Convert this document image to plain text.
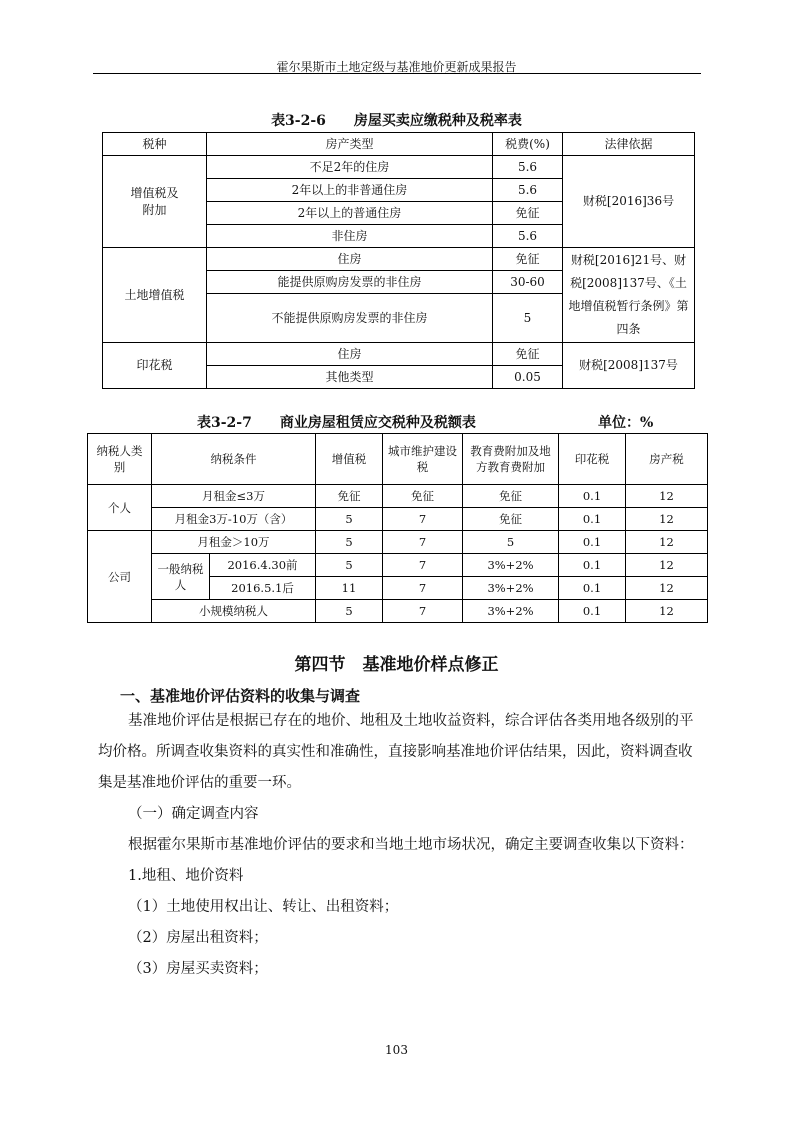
霍尔果斯市土地定级与基准地价更新成果报告
表3-2-6　　房屋买卖应缴税种及税率表
税种	房产类型	税费(%)	法律依据
增值税及
附加	不足2年的住房	5.6	财税[2016]36号
	2年以上的非普通住房	5.6	
	2年以上的普通住房	免征	
	非住房	5.6	
土地增值税	住房	免征	财税[2016]21号、财税[2008]137号、《土地增值税暂行条例》第四条
	能提供原购房发票的非住房	30-60	
	不能提供原购房发票的非住房	5	
印花税	住房	免征	财税[2008]137号
	其他类型	0.05	
表3-2-7　　商业房屋租赁应交税种及税额表	单位：%
纳税人类别	纳税条件		增值税	城市维护建设税	教育费附加及地方教育费附加	印花税	房产税
个人	月租金≤3万		免征	免征	免征	0.1	12
	月租金3万-10万（含）		5	7	免征	0.1	12
公司	月租金＞10万		5	7	5	0.1	12
	一般纳税人	2016.4.30前	5	7	3%+2%	0.1	12
		2016.5.1后	11	7	3%+2%	0.1	12
	小规模纳税人		5	7	3%+2%	0.1	12
第四节　基准地价样点修正
一、基准地价评估资料的收集与调查

基准地价评估是根据已存在的地价、地租及土地收益资料，综合评估各类用地各级别的平均价格。所调查收集资料的真实性和准确性，直接影响基准地价评估结果，因此，资料调查收集是基准地价评估的重要一环。

（一）确定调查内容

根据霍尔果斯市基准地价评估的要求和当地土地市场状况，确定主要调查收集以下资料：

1.地租、地价资料

（1）土地使用权出让、转让、出租资料；

（2）房屋出租资料；

（3）房屋买卖资料；

103
